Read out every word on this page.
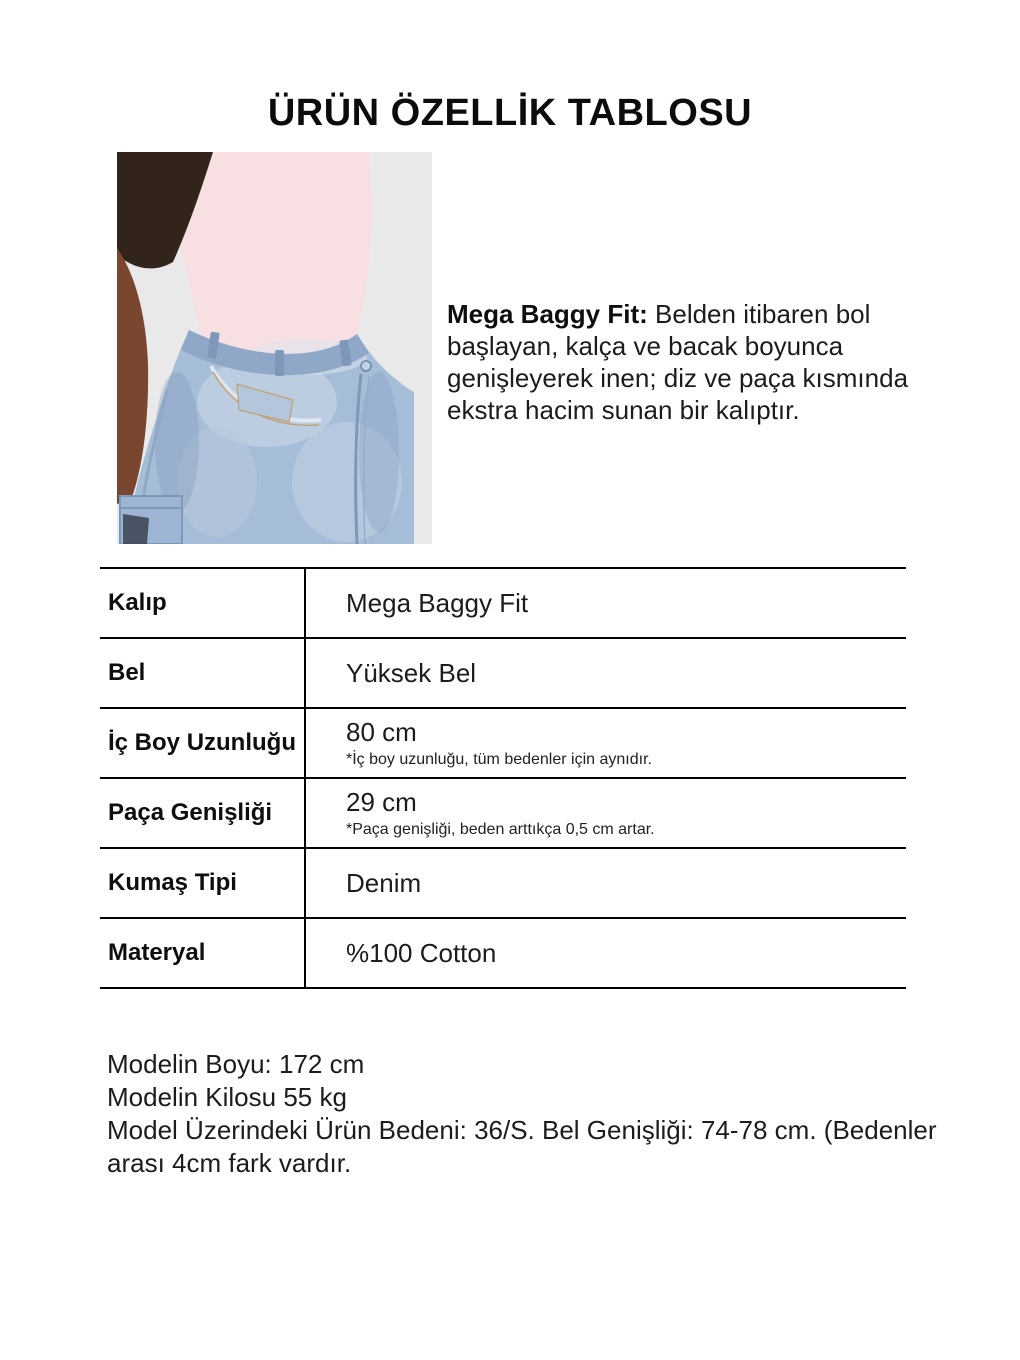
ÜRÜN ÖZELLİK TABLOSU

Mega Baggy Fit: Belden itibaren bol başlayan, kalça ve bacak boyunca genişleyerek inen; diz ve paça kısmında ekstra hacim sunan bir kalıptır.

Kalıp	Mega Baggy Fit
Bel	Yüksek Bel
İç Boy Uzunluğu	80 cm
*İç boy uzunluğu, tüm bedenler için aynıdır.
Paça Genişliği	29 cm
*Paça genişliği, beden arttıkça 0,5 cm artar.
Kumaş Tipi	Denim
Materyal	%100 Cotton
Modelin Boyu: 172 cm
Modelin Kilosu 55 kg
Model Üzerindeki Ürün Bedeni: 36/S. Bel Genişliği: 74-78 cm. (Bedenler arası 4cm fark vardır.
